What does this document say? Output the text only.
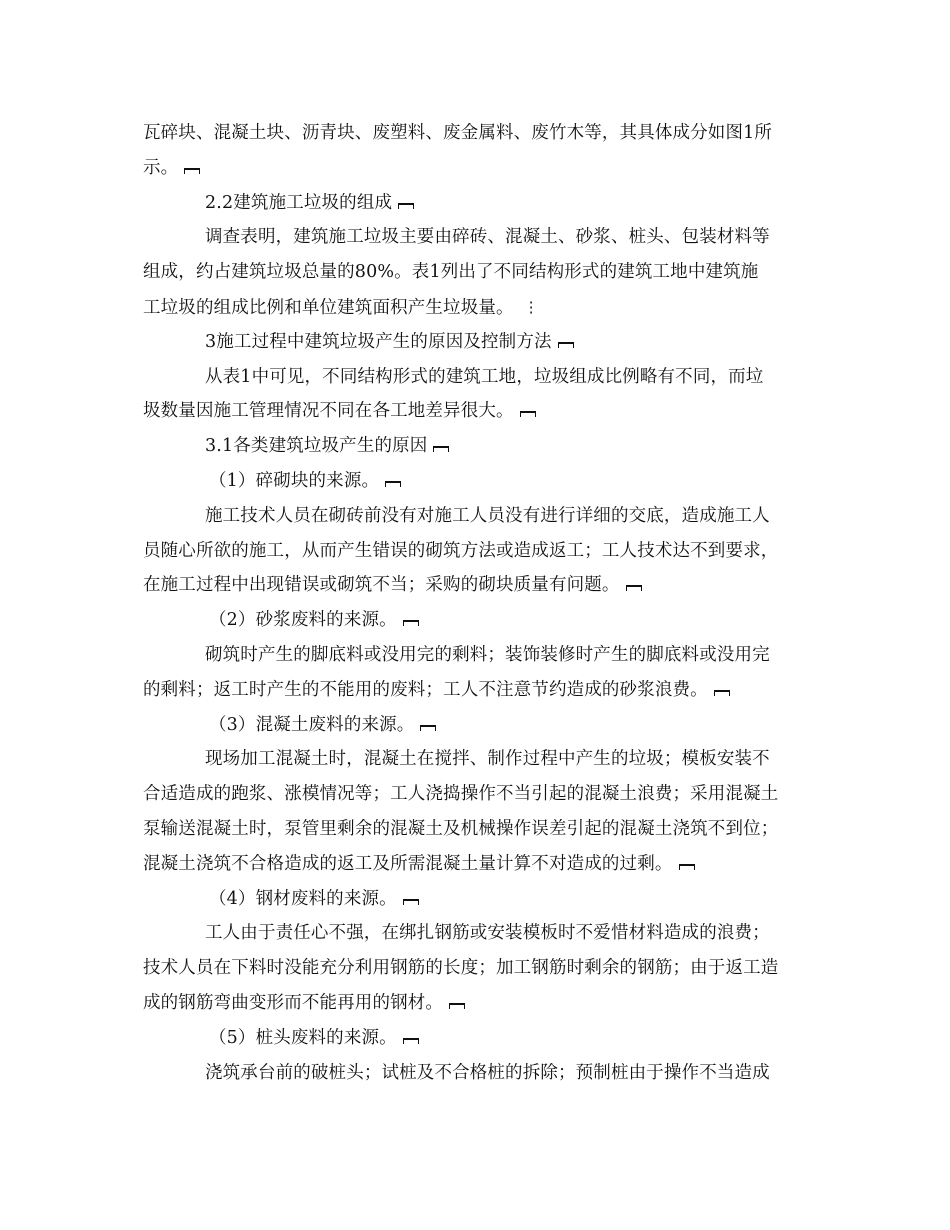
瓦碎块、混凝土块、沥青块、废塑料、废金属料、废竹木等，其具体成分如图1所
示。
2.2建筑施工垃圾的组成
调查表明，建筑施工垃圾主要由碎砖、混凝土、砂浆、桩头、包装材料等
组成，约占建筑垃圾总量的80%。表1列出了不同结构形式的建筑工地中建筑施
工垃圾的组成比例和单位建筑面积产生垃圾量。 ⋮
3施工过程中建筑垃圾产生的原因及控制方法
从表1中可见，不同结构形式的建筑工地，垃圾组成比例略有不同，而垃
圾数量因施工管理情况不同在各工地差异很大。
3.1各类建筑垃圾产生的原因
（1）碎砌块的来源。
施工技术人员在砌砖前没有对施工人员没有进行详细的交底，造成施工人
员随心所欲的施工，从而产生错误的砌筑方法或造成返工；工人技术达不到要求，
在施工过程中出现错误或砌筑不当；采购的砌块质量有问题。
（2）砂浆废料的来源。
砌筑时产生的脚底料或没用完的剩料；装饰装修时产生的脚底料或没用完
的剩料；返工时产生的不能用的废料；工人不注意节约造成的砂浆浪费。
（3）混凝土废料的来源。
现场加工混凝土时，混凝土在搅拌、制作过程中产生的垃圾；模板安装不
合适造成的跑浆、涨模情况等；工人浇捣操作不当引起的混凝土浪费；采用混凝土
泵输送混凝土时，泵管里剩余的混凝土及机械操作误差引起的混凝土浇筑不到位；
混凝土浇筑不合格造成的返工及所需混凝土量计算不对造成的过剩。
（4）钢材废料的来源。
工人由于责任心不强，在绑扎钢筋或安装模板时不爱惜材料造成的浪费；
技术人员在下料时没能充分利用钢筋的长度；加工钢筋时剩余的钢筋；由于返工造
成的钢筋弯曲变形而不能再用的钢材。
（5）桩头废料的来源。
浇筑承台前的破桩头；试桩及不合格桩的拆除；预制桩由于操作不当造成
